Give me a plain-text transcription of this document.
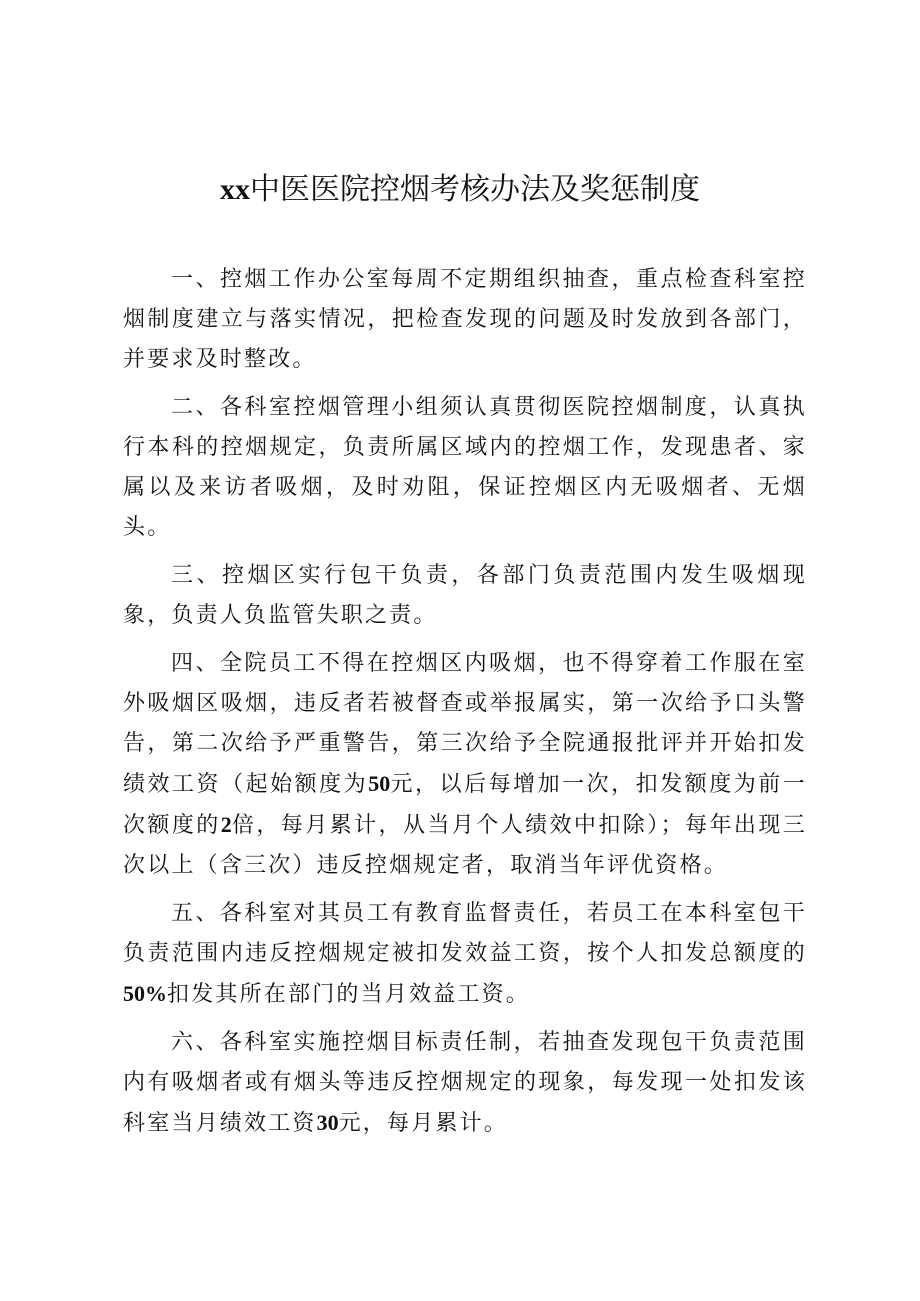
xx中医医院控烟考核办法及奖惩制度

一、控烟工作办公室每周不定期组织抽查，重点检查科室控烟制度建立与落实情况，把检查发现的问题及时发放到各部门，并要求及时整改。

二、各科室控烟管理小组须认真贯彻医院控烟制度，认真执行本科的控烟规定，负责所属区域内的控烟工作，发现患者、家属以及来访者吸烟，及时劝阻，保证控烟区内无吸烟者、无烟头。

三、控烟区实行包干负责，各部门负责范围内发生吸烟现象，负责人负监管失职之责。

四、全院员工不得在控烟区内吸烟，也不得穿着工作服在室外吸烟区吸烟，违反者若被督查或举报属实，第一次给予口头警告，第二次给予严重警告，第三次给予全院通报批评并开始扣发绩效工资（起始额度为50元，以后每增加一次，扣发额度为前一次额度的2倍，每月累计，从当月个人绩效中扣除）；每年出现三次以上（含三次）违反控烟规定者，取消当年评优资格。

五、各科室对其员工有教育监督责任，若员工在本科室包干负责范围内违反控烟规定被扣发效益工资，按个人扣发总额度的50%扣发其所在部门的当月效益工资。

六、各科室实施控烟目标责任制，若抽查发现包干负责范围内有吸烟者或有烟头等违反控烟规定的现象，每发现一处扣发该科室当月绩效工资30元，每月累计。
